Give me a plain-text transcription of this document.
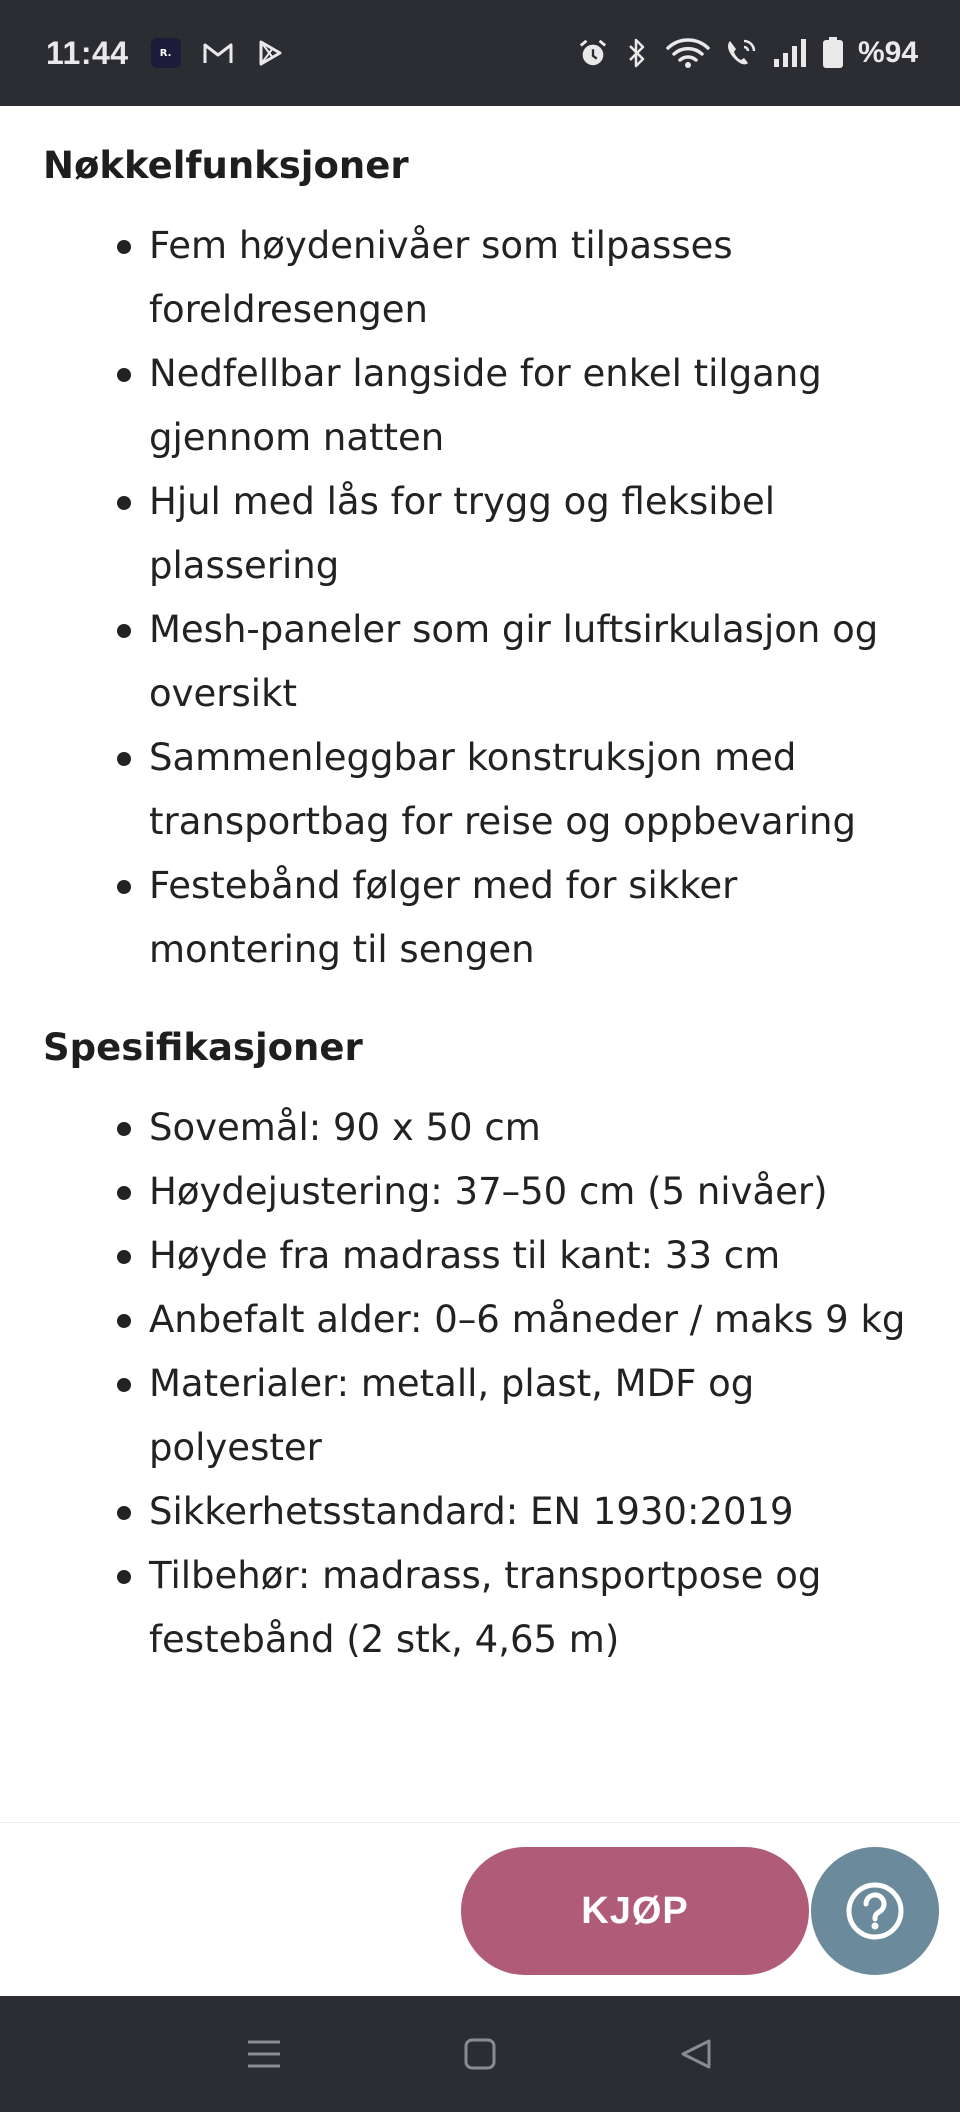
11:44	R.	%94
Nøkkelfunksjoner
Fem høydenivåer som tilpasses foreldresengen
Nedfellbar langside for enkel tilgang gjennom natten
Hjul med lås for trygg og fleksibel plassering
Mesh-paneler som gir luftsirkulasjon og oversikt
Sammenleggbar konstruksjon med transportbag for reise og oppbevaring
Festebånd følger med for sikker montering til sengen
Spesifikasjoner
Sovemål: 90 x 50 cm
Høydejustering: 37–50 cm (5 nivåer)
Høyde fra madrass til kant: 33 cm
Anbefalt alder: 0–6 måneder / maks 9 kg
Materialer: metall, plast, MDF og polyester
Sikkerhetsstandard: EN 1930:2019
Tilbehør: madrass, transportpose og festebånd (2 stk, 4,65 m)
KJØP
